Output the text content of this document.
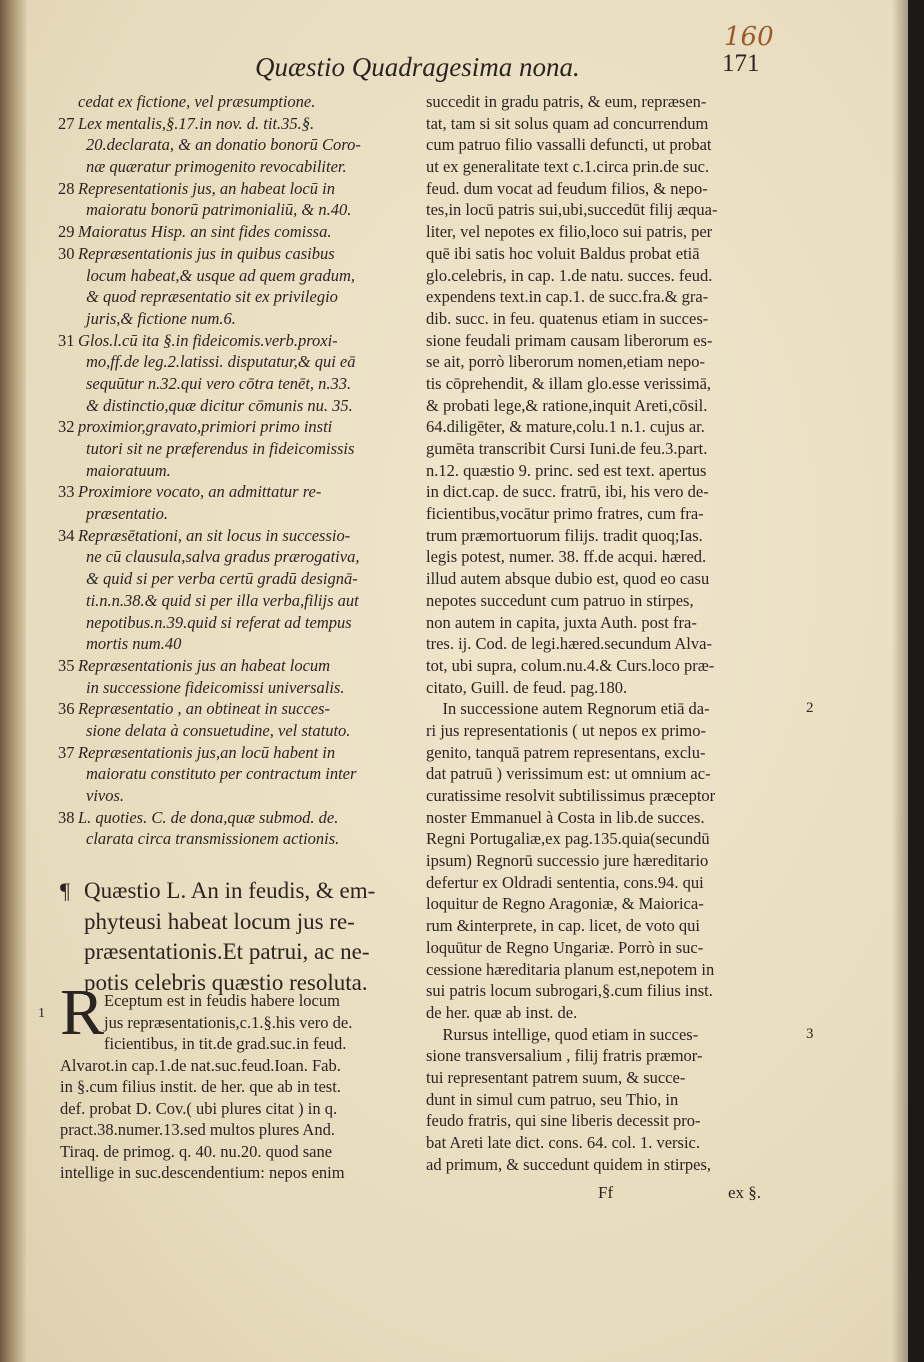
160
Quæstio Quadragesima nona.	171
cedat ex fictione, vel præsumptione.
27 Lex mentalis,§.17.in nov. d. tit.35.§.
20.declarata, & an donatio bonorū Coro-
næ quæratur primogenito revocabiliter.
28 Representationis jus, an habeat locū in
maioratu bonorū patrimonialiū, & n.40.
29 Maioratus Hisp. an sint fides comissa.
30 Repræsentationis jus in quibus casibus
locum habeat,& usque ad quem gradum,
& quod repræsentatio sit ex privilegio
juris,& fictione num.6.
31 Glos.l.cū ita §.in fideicomis.verb.proxi-
mo,ff.de leg.2.latissi. disputatur,& qui eā
sequūtur n.32.qui vero cōtra tenēt, n.33.
& distinctio,quæ dicitur cōmunis nu. 35.
32 proximior,gravato,primiori primo insti
tutori sit ne præferendus in fideicomissis
maioratuum.
33 Proximiore vocato, an admittatur re-
præsentatio.
34 Repræsētationi, an sit locus in successio-
ne cū clausula,salva gradus prærogativa,
& quid si per verba certū gradū designā-
ti.n.n.38.& quid si per illa verba,filijs aut
nepotibus.n.39.quid si referat ad tempus
mortis num.40
35 Repræsentationis jus an habeat locum
in successione fideicomissi universalis.
36 Repræsentatio , an obtineat in succes-
sione delata à consuetudine, vel statuto.
37 Repræsentationis jus,an locū habent in
maioratu constituto per contractum inter
vivos.
38 L. quoties. C. de dona,quæ submod. de.
clarata circa transmissionem actionis.
¶ Quæstio L. An in feudis, & em-
phyteusi habeat locum jus re-
præsentationis.Et patrui, ac ne-
potis celebris quæstio resoluta.
1 R Eceptum est in feudis habere locum
jus repræsentationis,c.1.§.his vero de.
ficientibus, in tit.de grad.suc.in feud.
Alvarot.in cap.1.de nat.suc.feud.Ioan. Fab.
in §.cum filius instit. de her. que ab in test.
def. probat D. Cov.( ubi plures citat ) in q.
pract.38.numer.13.sed multos plures And.
Tiraq. de primog. q. 40. nu.20. quod sane
intellige in suc.descendentium: nepos enim
succedit in gradu patris, & eum, repræsen-
tat, tam si sit solus quam ad concurrendum
cum patruo filio vassalli defuncti, ut probat
ut ex generalitate text c.1.circa prin.de suc.
feud. dum vocat ad feudum filios, & nepo-
tes,in locū patris sui,ubi,succedūt filij æqua-
liter, vel nepotes ex filio,loco sui patris, per
quē ibi satis hoc voluit Baldus probat etiā
glo.celebris, in cap. 1.de natu. succes. feud.
expendens text.in cap.1. de succ.fra.& gra-
dib. succ. in feu. quatenus etiam in succes-
sione feudali primam causam liberorum es-
se ait, porrò liberorum nomen,etiam nepo-
tis cōprehendit, & illam glo.esse verissimā,
& probati lege,& ratione,inquit Areti,cōsil.
64.diligēter, & mature,colu.1 n.1. cujus ar.
gumēta transcribit Cursi Iuni.de feu.3.part.
n.12. quæstio 9. princ. sed est text. apertus
in dict.cap. de succ. fratrū, ibi, his vero de-
ficientibus,vocātur primo fratres, cum fra-
trum præmortuorum filijs. tradit quoq;Ias.
legis potest, numer. 38. ff.de acqui. hæred.
illud autem absque dubio est, quod eo casu
nepotes succedunt cum patruo in stirpes,
non autem in capita, juxta Auth. post fra-
tres. ij. Cod. de legi.hæred.secundum Alva-
tot, ubi supra, colum.nu.4.& Curs.loco præ-
citato, Guill. de feud. pag.180.
In successione autem Regnorum etiā da-
ri jus representationis ( ut nepos ex primo-
genito, tanquā patrem representans, exclu-
dat patruū ) verissimum est: ut omnium ac-
curatissime resolvit subtilissimus præceptor
noster Emmanuel à Costa in lib.de succes.
Regni Portugaliæ,ex pag.135.quia(secundū
ipsum) Regnorū successio jure hæreditario
defertur ex Oldradi sententia, cons.94. qui
loquitur de Regno Aragoniæ, & Maiorica-
rum &interprete, in cap. licet, de voto qui
loquūtur de Regno Ungariæ. Porrò in suc-
cessione hæreditaria planum est,nepotem in
sui patris locum subrogari,§.cum filius inst.
de her. quæ ab inst. de.
Rursus intellige, quod etiam in succes-
sione transversalium , filij fratris præmor-
tui representant patrem suum, & succe-
dunt in simul cum patruo, seu Thio, in
feudo fratris, qui sine liberis decessit pro-
bat Areti late dict. cons. 64. col. 1. versic.
ad primum, & succedunt quidem in stirpes,
2
3
Ff	ex §.
